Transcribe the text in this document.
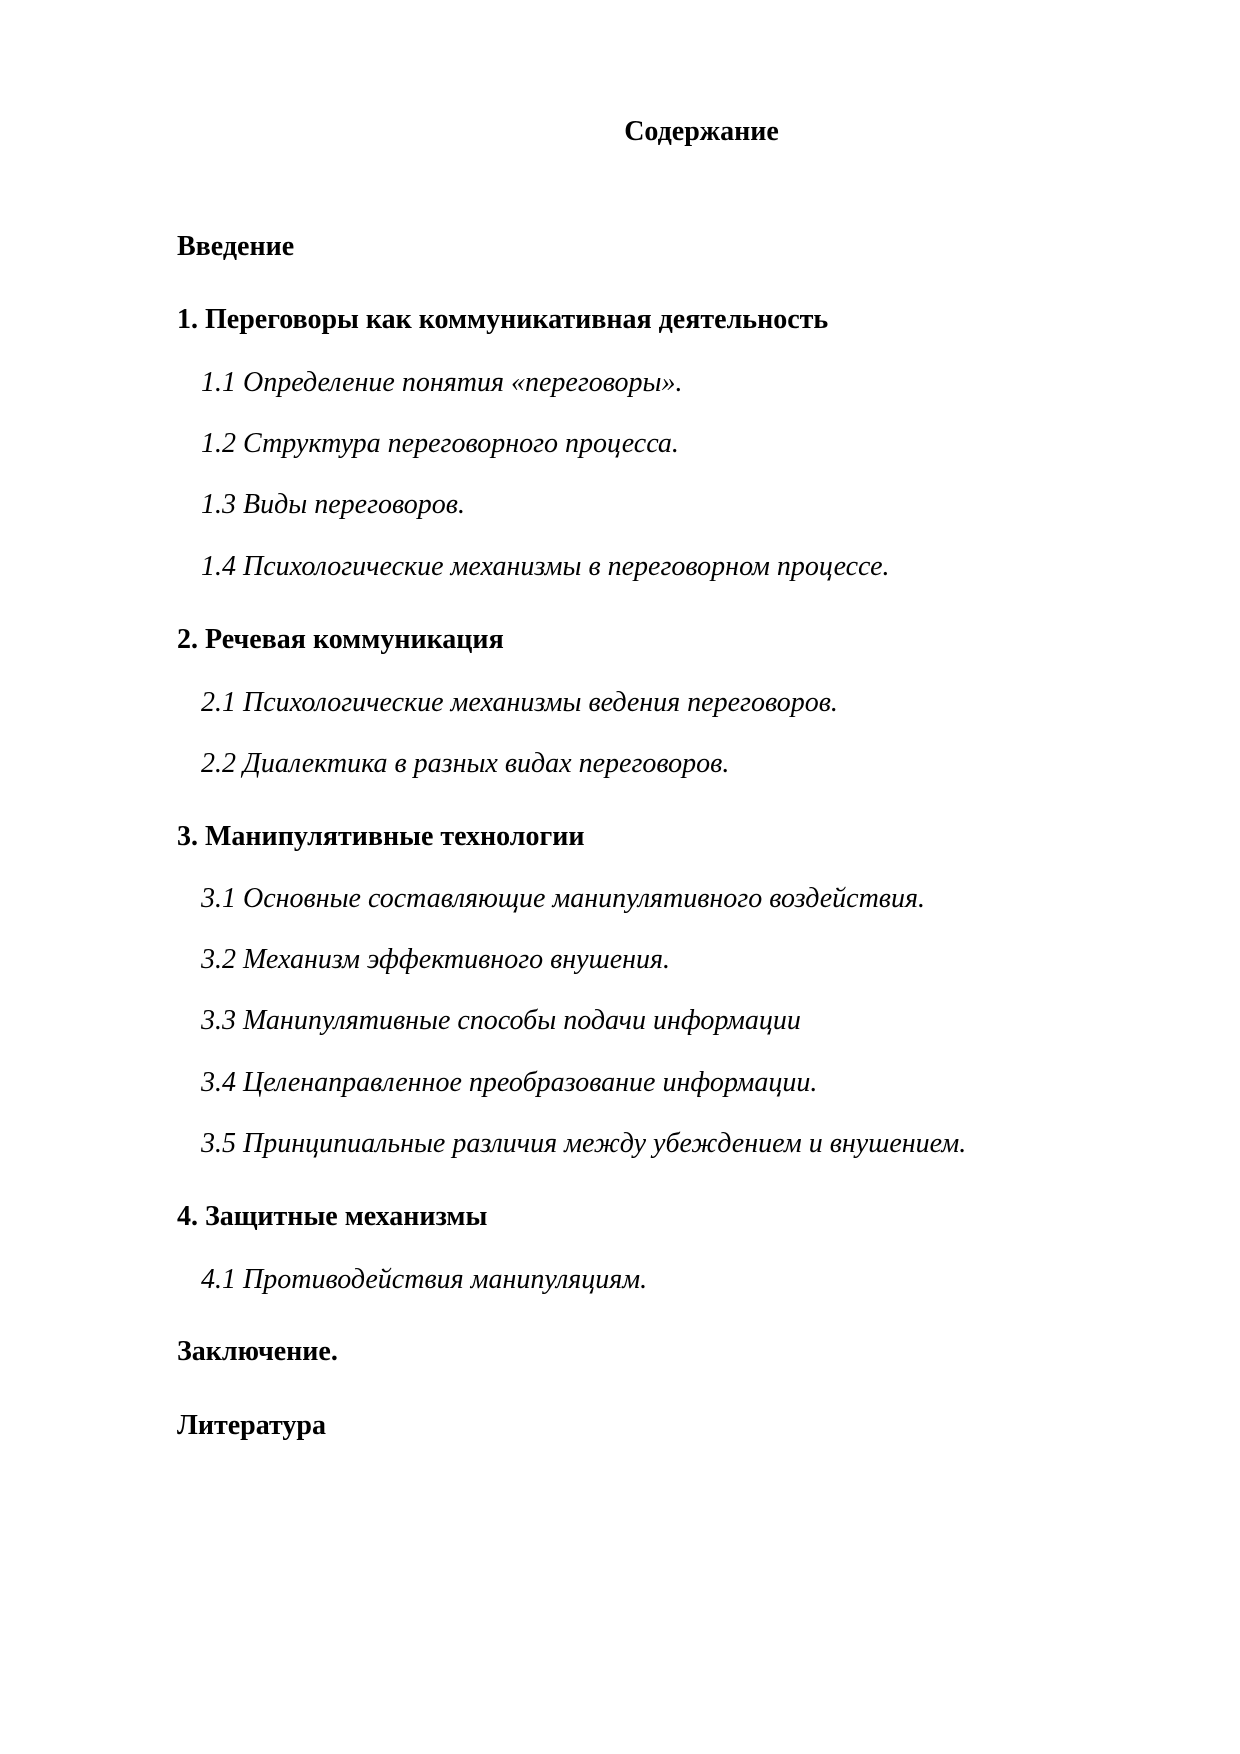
Содержание

Введение

1. Переговоры как коммуникативная деятельность

1.1 Определение понятия «переговоры».

1.2 Структура переговорного процесса.

1.3 Виды переговоров.

1.4 Психологические механизмы в переговорном процессе.

2. Речевая коммуникация

2.1 Психологические механизмы ведения переговоров.

2.2 Диалектика в разных видах переговоров.

3. Манипулятивные технологии

3.1 Основные составляющие манипулятивного воздействия.

3.2 Механизм эффективного внушения.

3.3 Манипулятивные способы подачи информации

3.4 Целенаправленное преобразование информации.

3.5 Принципиальные различия между убеждением и внушением.

4. Защитные механизмы

4.1 Противодействия манипуляциям.

Заключение.

Литература
